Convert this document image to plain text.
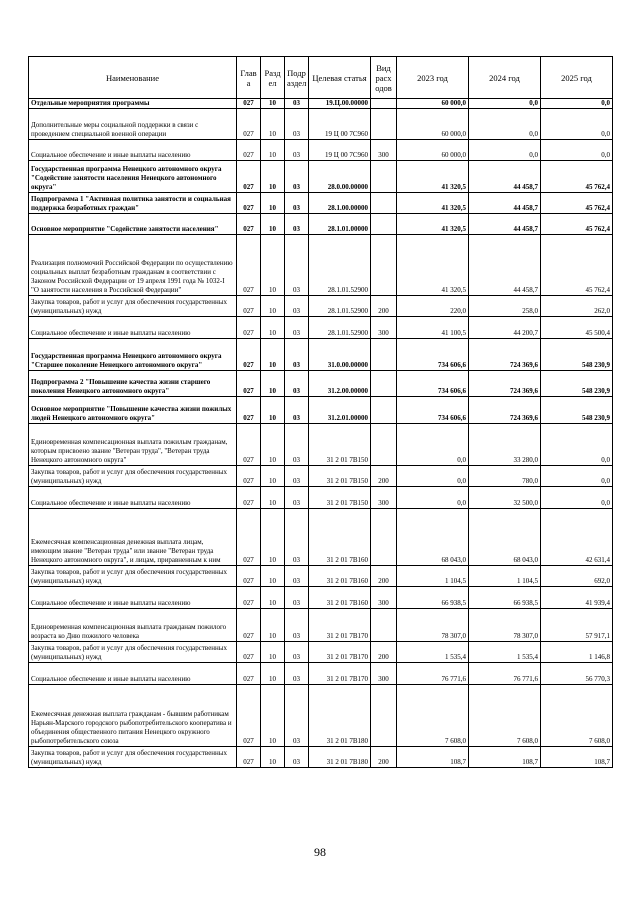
Наименование	Глав а	Разд ел	Подр аздел	Целевая статья	Вид расх одов	2023 год	2024 год	2025 год
Отдельные мероприятия программы	027	10	03	19.Ц.00.00000		60 000,0	0,0	0,0
Дополнительные меры социальной поддержки в связи с проведением специальной военной операции	027	10	03	19 Ц 00 7С960		60 000,0	0,0	0,0
Социальное обеспечение и иные выплаты населению	027	10	03	19 Ц 00 7С960	300	60 000,0	0,0	0,0
Государственная программа Ненецкого автономного округа "Содействие занятости населения Ненецкого автономного округа"	027	10	03	28.0.00.00000		41 320,5	44 458,7	45 762,4
Подпрограмма 1 "Активная политика занятости и социальная поддержка безработных граждан"	027	10	03	28.1.00.00000		41 320,5	44 458,7	45 762,4
Основное мероприятие "Содействие занятости населения"	027	10	03	28.1.01.00000		41 320,5	44 458,7	45 762,4
Реализация полномочий Российской Федерации по осуществлению социальных выплат безработным гражданам в соответствии с Законом Российской Федерации от 19 апреля 1991 года № 1032-I "О занятости населения в Российской Федерации"	027	10	03	28.1.01.52900		41 320,5	44 458,7	45 762,4
Закупка товаров, работ и услуг для обеспечения государственных (муниципальных) нужд	027	10	03	28.1.01.52900	200	220,0	258,0	262,0
Социальное обеспечение и иные выплаты населению	027	10	03	28.1.01.52900	300	41 100,5	44 200,7	45 500,4
Государственная программа Ненецкого автономного округа "Старшее поколение Ненецкого автономного округа"	027	10	03	31.0.00.00000		734 606,6	724 369,6	548 230,9
Подпрограмма 2 "Повышение качества жизни старшего поколения Ненецкого автономного округа"	027	10	03	31.2.00.00000		734 606,6	724 369,6	548 230,9
Основное мероприятие "Повышение качества жизни пожилых людей Ненецкого автономного округа"	027	10	03	31.2.01.00000		734 606,6	724 369,6	548 230,9
Единовременная компенсационная выплата пожилым гражданам, которым присвоено звание "Ветеран труда", "Ветеран труда Ненецкого автономного округа"	027	10	03	31 2 01 7В150		0,0	33 280,0	0,0
Закупка товаров, работ и услуг для обеспечения государственных (муниципальных) нужд	027	10	03	31 2 01 7В150	200	0,0	780,0	0,0
Социальное обеспечение и иные выплаты населению	027	10	03	31 2 01 7В150	300	0,0	32 500,0	0,0
Ежемесячная компенсационная денежная выплата лицам, имеющим звание "Ветеран труда" или звание "Ветеран труда Ненецкого автономного округа", и лицам, приравненным к ним	027	10	03	31 2 01 7В160		68 043,0	68 043,0	42 631,4
Закупка товаров, работ и услуг для обеспечения государственных (муниципальных) нужд	027	10	03	31 2 01 7В160	200	1 104,5	1 104,5	692,0
Социальное обеспечение и иные выплаты населению	027	10	03	31 2 01 7В160	300	66 938,5	66 938,5	41 939,4
Единовременная компенсационная выплата гражданам пожилого возраста ко Дню пожилого человека	027	10	03	31 2 01 7В170		78 307,0	78 307,0	57 917,1
Закупка товаров, работ и услуг для обеспечения государственных (муниципальных) нужд	027	10	03	31 2 01 7В170	200	1 535,4	1 535,4	1 146,8
Социальное обеспечение и иные выплаты населению	027	10	03	31 2 01 7В170	300	76 771,6	76 771,6	56 770,3
Ежемесячная денежная выплата гражданам - бывшим работникам Нарьян-Марского городского рыбопотребительского кооператива и объединения общественного питания Ненецкого окружного рыбопотребительского союза	027	10	03	31 2 01 7В180		7 608,0	7 608,0	7 608,0
Закупка товаров, работ и услуг для обеспечения государственных (муниципальных) нужд	027	10	03	31 2 01 7В180	200	108,7	108,7	108,7
98
